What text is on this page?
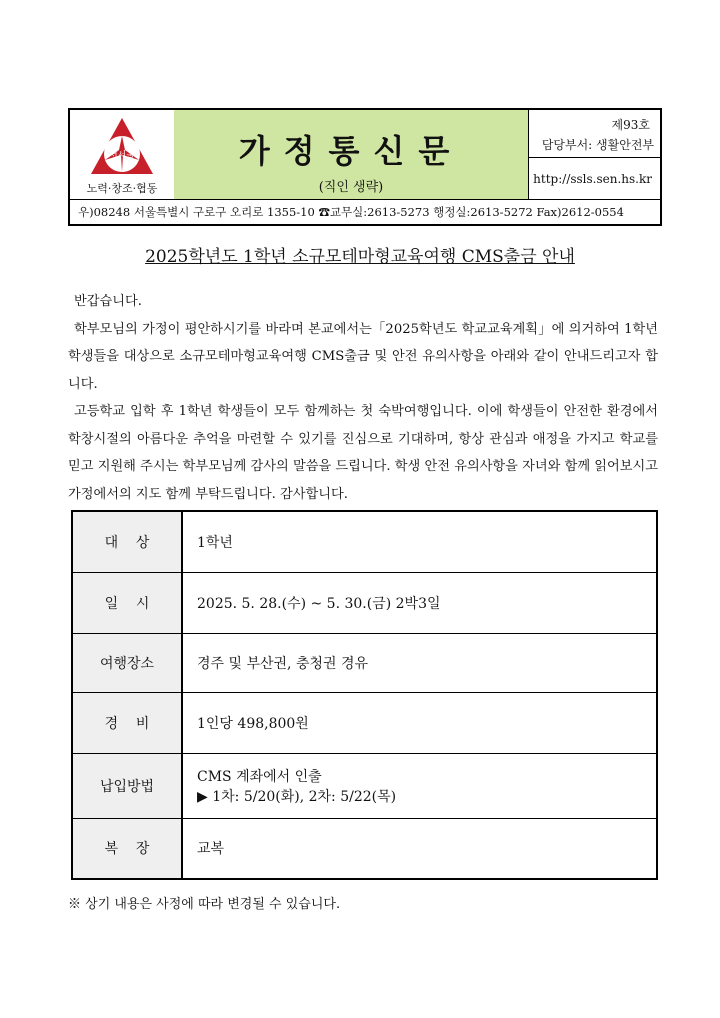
서서울
노력·창조·협동
가정통신문
(직인 생략)
제93호
담당부서: 생활안전부
http://ssls.sen.hs.kr
우)08248 서울특별시 구로구 오리로 1355-10 ☎교무실:2613-5273 행정실:2613-5272 Fax)2612-0554
2025학년도 1학년 소규모테마형교육여행 CMS출금 안내

반갑습니다.

학부모님의 가정이 평안하시기를 바라며 본교에서는「2025학년도 학교교육계획」에 의거하여 1학년 학생들을 대상으로 소규모테마형교육여행 CMS출금 및 안전 유의사항을 아래와 같이 안내드리고자 합니다.

고등학교 입학 후 1학년 학생들이 모두 함께하는 첫 숙박여행입니다. 이에 학생들이 안전한 환경에서 학창시절의 아름다운 추억을 마련할 수 있기를 진심으로 기대하며, 항상 관심과 애정을 가지고 학교를 믿고 지원해 주시는 학부모님께 감사의 말씀을 드립니다. 학생 안전 유의사항을 자녀와 함께 읽어보시고 가정에서의 지도 함께 부탁드립니다. 감사합니다.

대    상	1학년
일    시	2025. 5. 28.(수) ~ 5. 30.(금) 2박3일
여행장소	경주 및 부산권, 충청권 경유
경    비	1인당 498,800원
납입방법	CMS 계좌에서 인출
▶ 1차: 5/20(화), 2차: 5/22(목)

복    장	교복
※ 상기 내용은 사정에 따라 변경될 수 있습니다.
